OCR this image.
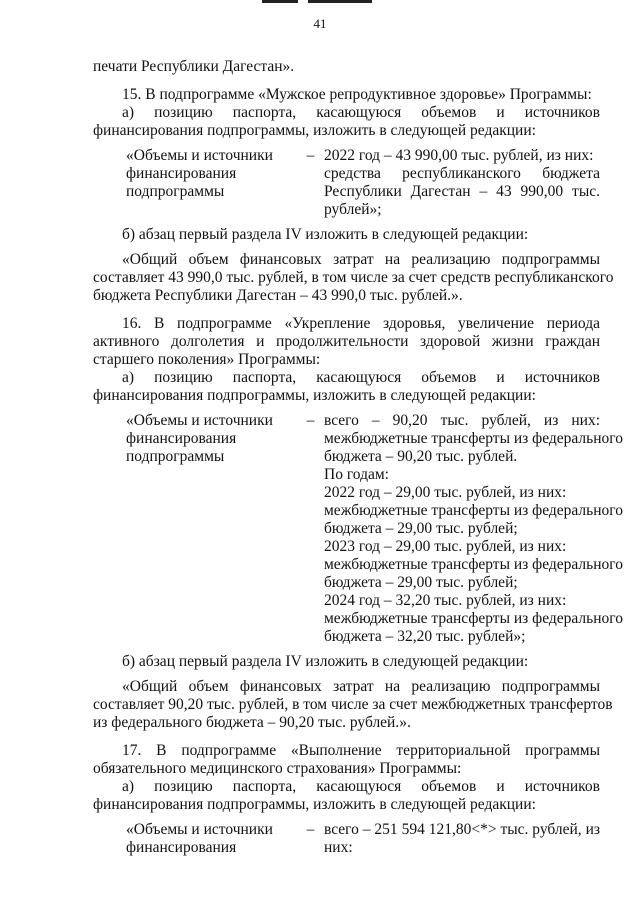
41
печати Республики Дагестан».
15. В подпрограмме «Мужское репродуктивное здоровье» Программы:
а) позицию паспорта, касающуюся объемов и источников
финансирования подпрограммы, изложить в следующей редакции:
«Объемы и источники
финансирования
подпрограммы
– 2022 год – 43 990,00 тыс. рублей, из них:
средства республиканского бюджета
Республики Дагестан – 43 990,00 тыс.
рублей»;
б) абзац первый раздела IV изложить в следующей редакции:
«Общий объем финансовых затрат на реализацию подпрограммы
составляет 43 990,0 тыс. рублей, в том числе за счет средств республиканского
бюджета Республики Дагестан – 43 990,0 тыс. рублей.».
16. В подпрограмме «Укрепление здоровья, увеличение периода
активного долголетия и продолжительности здоровой жизни граждан
старшего поколения» Программы:
а) позицию паспорта, касающуюся объемов и источников
финансирования подпрограммы, изложить в следующей редакции:
«Объемы и источники
финансирования
подпрограммы
– всего – 90,20 тыс. рублей, из них:
межбюджетные трансферты из федерального
бюджета – 90,20 тыс. рублей.
По годам:
2022 год – 29,00 тыс. рублей, из них:
межбюджетные трансферты из федерального
бюджета – 29,00 тыс. рублей;
2023 год – 29,00 тыс. рублей, из них:
межбюджетные трансферты из федерального
бюджета – 29,00 тыс. рублей;
2024 год – 32,20 тыс. рублей, из них:
межбюджетные трансферты из федерального
бюджета – 32,20 тыс. рублей»;
б) абзац первый раздела IV изложить в следующей редакции:
«Общий объем финансовых затрат на реализацию подпрограммы
составляет 90,20 тыс. рублей, в том числе за счет межбюджетных трансфертов
из федерального бюджета – 90,20 тыс. рублей.».
17. В подпрограмме «Выполнение территориальной программы
обязательного медицинского страхования» Программы:
а) позицию паспорта, касающуюся объемов и источников
финансирования подпрограммы, изложить в следующей редакции:
«Объемы и источники
финансирования
– всего – 251 594 121,80<*> тыс. рублей, из
них:
